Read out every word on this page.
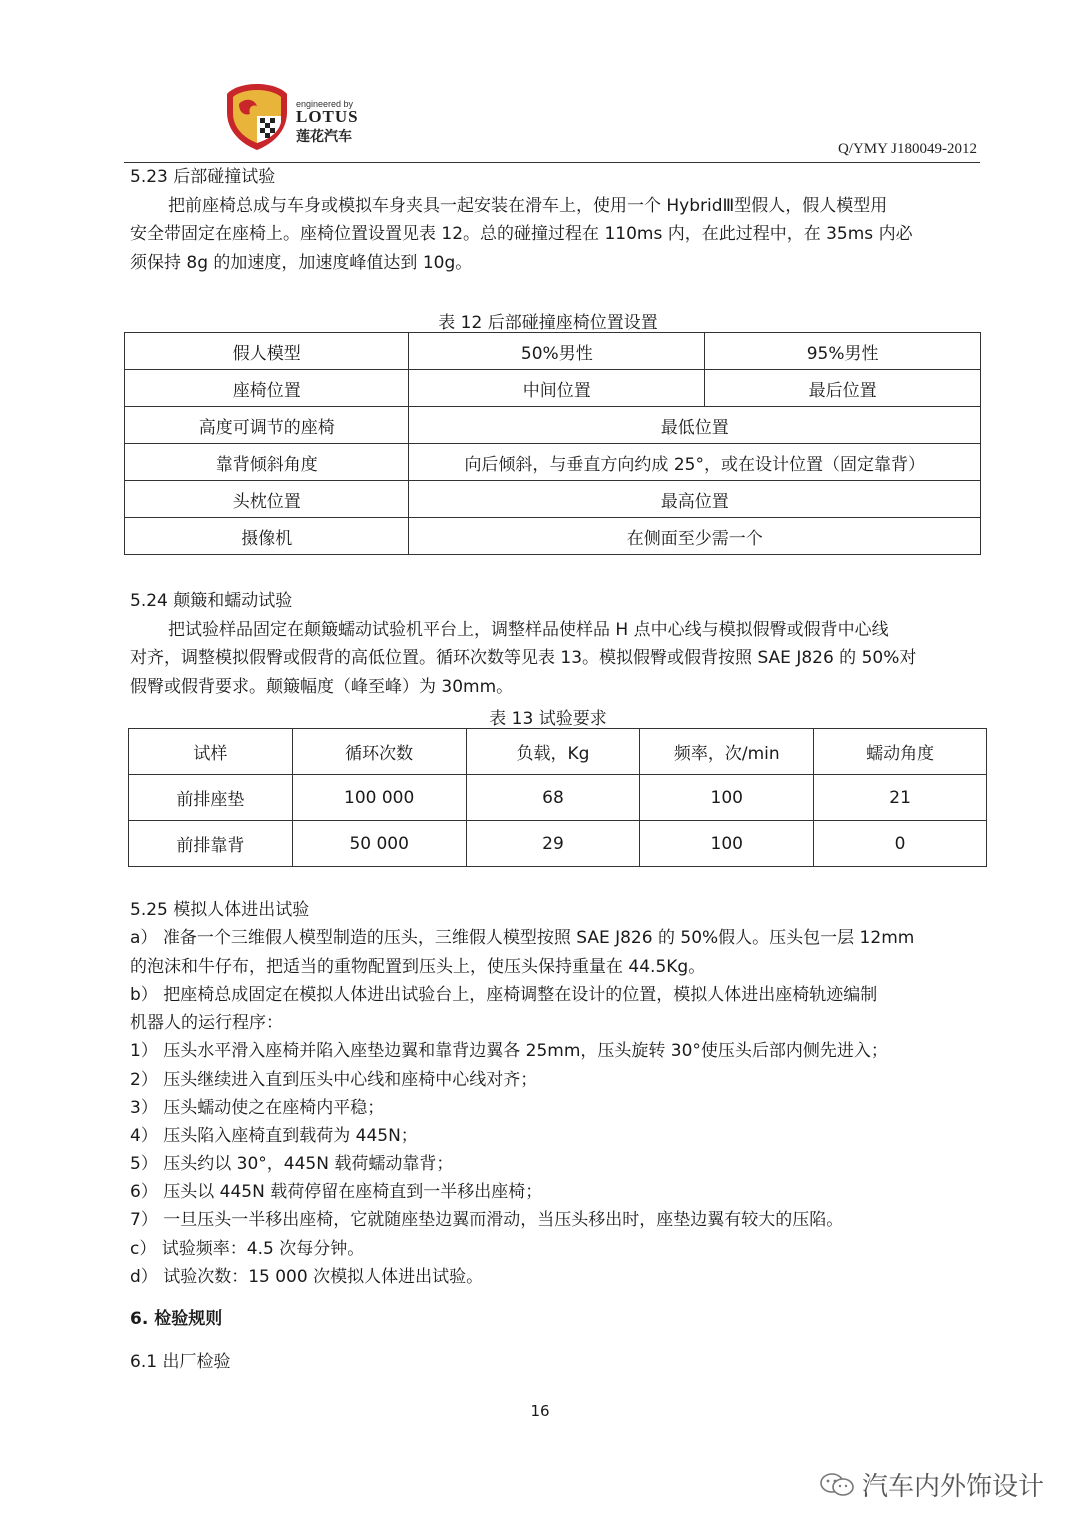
engineered by
LOTUS
莲花汽车
Q/YMY J180049-2012
5.23 后部碰撞试验
把前座椅总成与车身或模拟车身夹具一起安装在滑车上，使用一个 HybridⅢ型假人，假人模型用
安全带固定在座椅上。座椅位置设置见表 12。总的碰撞过程在 110ms 内，在此过程中，在 35ms 内必
须保持 8g 的加速度，加速度峰值达到 10g。
表 12 后部碰撞座椅位置设置
假人模型	50%男性	95%男性
座椅位置	中间位置	最后位置
高度可调节的座椅	最低位置	
靠背倾斜角度	向后倾斜，与垂直方向约成 25°，或在设计位置（固定靠背）	
头枕位置	最高位置	
摄像机	在侧面至少需一个	
5.24 颠簸和蠕动试验
把试验样品固定在颠簸蠕动试验机平台上，调整样品使样品 H 点中心线与模拟假臀或假背中心线
对齐，调整模拟假臀或假背的高低位置。循环次数等见表 13。模拟假臀或假背按照 SAE J826 的 50%对
假臀或假背要求。颠簸幅度（峰至峰）为 30mm。
表 13 试验要求
试样	循环次数	负载，Kg	频率，次/min	蠕动角度
前排座垫	100 000	68	100	21
前排靠背	50 000	29	100	0
5.25 模拟人体进出试验
a） 准备一个三维假人模型制造的压头，三维假人模型按照 SAE J826 的 50%假人。压头包一层 12mm
的泡沫和牛仔布，把适当的重物配置到压头上，使压头保持重量在 44.5Kg。
b） 把座椅总成固定在模拟人体进出试验台上，座椅调整在设计的位置，模拟人体进出座椅轨迹编制
机器人的运行程序：
1） 压头水平滑入座椅并陷入座垫边翼和靠背边翼各 25mm，压头旋转 30°使压头后部内侧先进入；
2） 压头继续进入直到压头中心线和座椅中心线对齐；
3） 压头蠕动使之在座椅内平稳；
4） 压头陷入座椅直到载荷为 445N；
5） 压头约以 30°，445N 载荷蠕动靠背；
6） 压头以 445N 载荷停留在座椅直到一半移出座椅；
7） 一旦压头一半移出座椅，它就随座垫边翼而滑动，当压头移出时，座垫边翼有较大的压陷。
c） 试验频率：4.5 次每分钟。
d） 试验次数：15 000 次模拟人体进出试验。
6. 检验规则
6.1 出厂检验
16
汽车内外饰设计
